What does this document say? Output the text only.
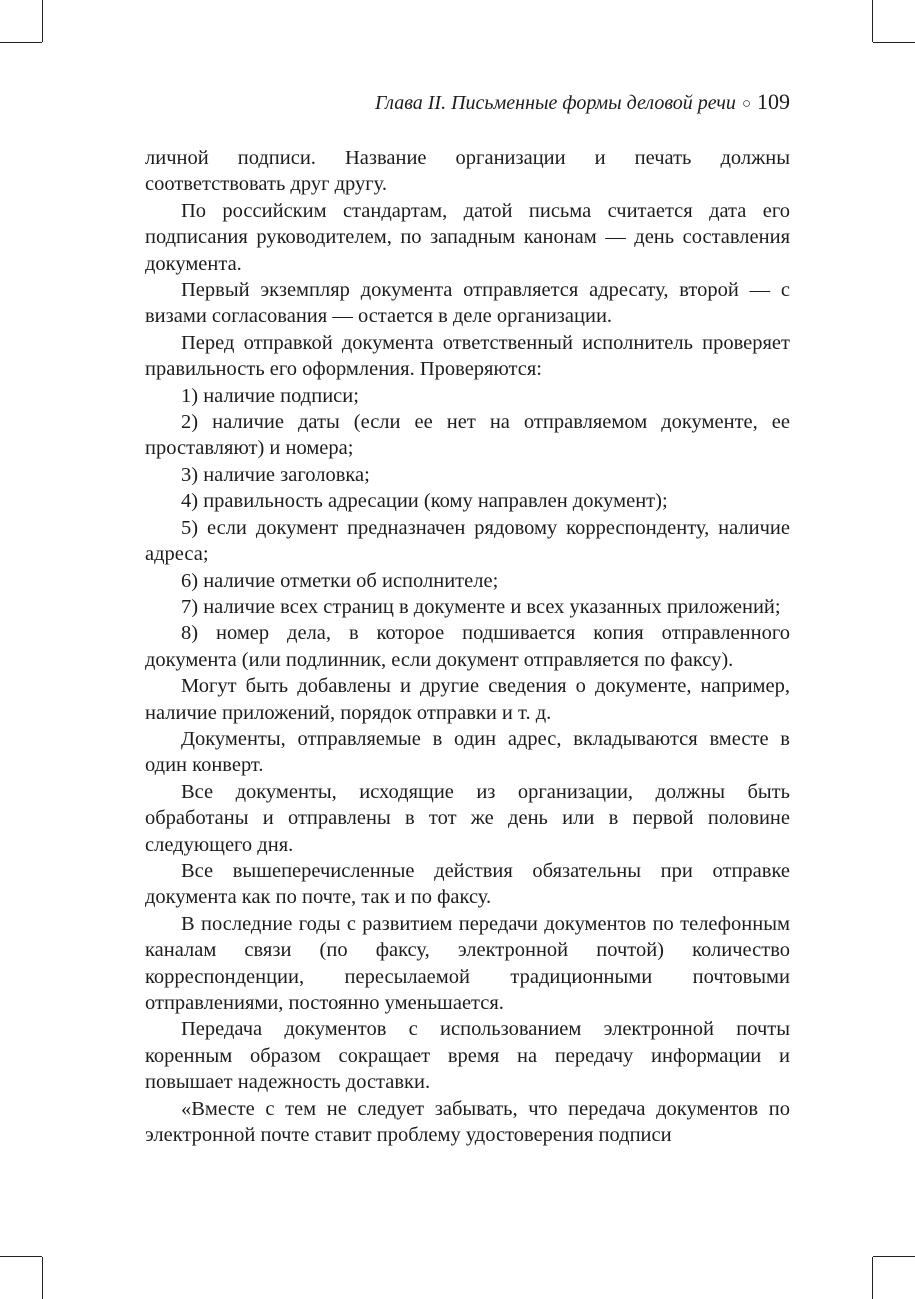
Глава II. Письменные формы деловой речи ○ 109

личной подписи. Название организации и печать должны соответствовать друг другу.

По российским стандартам, датой письма считается дата его подписания руководителем, по западным канонам — день составления документа.

Первый экземпляр документа отправляется адресату, второй — с визами согласования — остается в деле организации.

Перед отправкой документа ответственный исполнитель проверяет правильность его оформления. Проверяются:

1) наличие подписи;

2) наличие даты (если ее нет на отправляемом документе, ее проставляют) и номера;

3) наличие заголовка;

4) правильность адресации (кому направлен документ);

5) если документ предназначен рядовому корреспонденту, наличие адреса;

6) наличие отметки об исполнителе;

7) наличие всех страниц в документе и всех указанных приложений;

8) номер дела, в которое подшивается копия отправленного документа (или подлинник, если документ отправляется по факсу).

Могут быть добавлены и другие сведения о документе, например, наличие приложений, порядок отправки и т. д.

Документы, отправляемые в один адрес, вкладываются вместе в один конверт.

Все документы, исходящие из организации, должны быть обработаны и отправлены в тот же день или в первой половине следующего дня.

Все вышеперечисленные действия обязательны при отправке документа как по почте, так и по факсу.

В последние годы с развитием передачи документов по телефонным каналам связи (по факсу, электронной почтой) количество корреспонденции, пересылаемой традиционными почтовыми отправлениями, постоянно уменьшается.

Передача документов с использованием электронной почты коренным образом сокращает время на передачу информации и повышает надежность доставки.

«Вместе с тем не следует забывать, что передача документов по электронной почте ставит проблему удостоверения подписи
